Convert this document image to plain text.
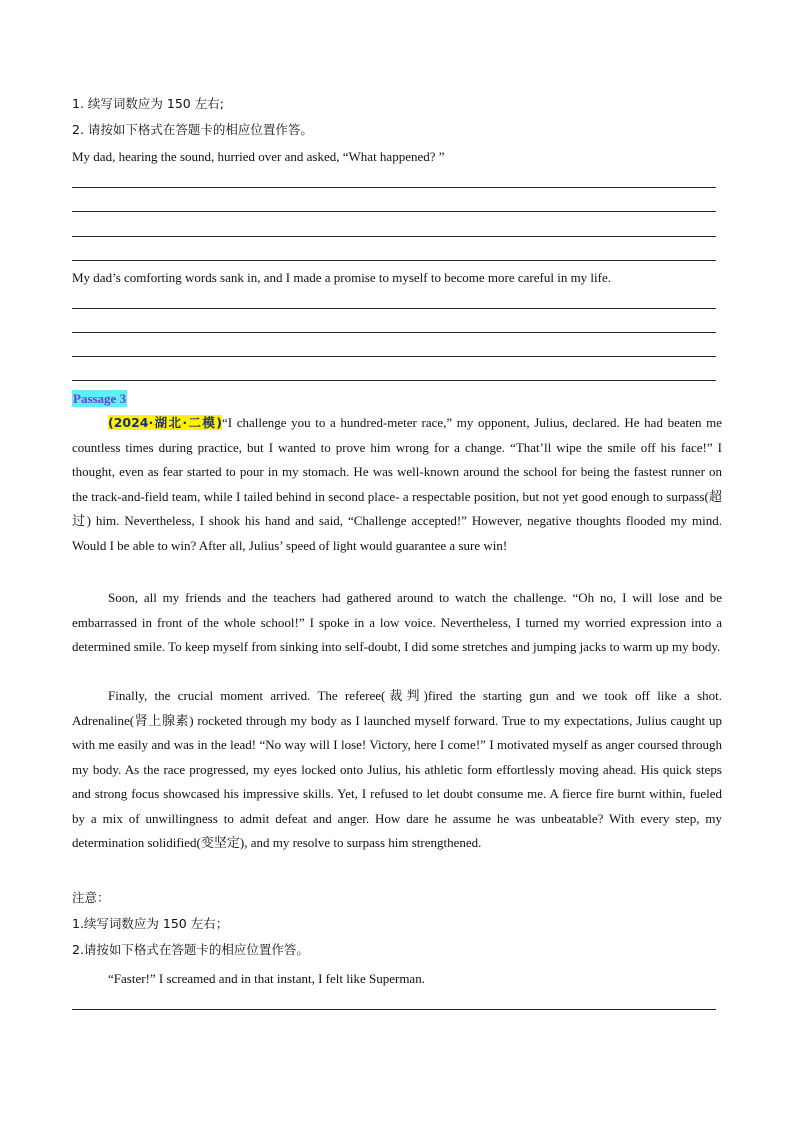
1. 续写词数应为 150 左右;
2. 请按如下格式在答题卡的相应位置作答。
My dad, hearing the sound, hurried over and asked, “What happened? ”
My dad’s comforting words sank in, and I made a promise to myself to become more careful in my life.
Passage 3
(2024·湖北·二模)“I challenge you to a hundred-meter race,” my opponent, Julius, declared. He had beaten me countless times during practice, but I wanted to prove him wrong for a change. “That’ll wipe the smile off his face!” I thought, even as fear started to pour in my stomach. He was well-known around the school for being the fastest runner on the track-and-field team, while I tailed behind in second place- a respectable position, but not yet good enough to surpass(超过) him. Nevertheless, I shook his hand and said, “Challenge accepted!” However, negative thoughts flooded my mind. Would I be able to win? After all, Julius’ speed of light would guarantee a sure win!
Soon, all my friends and the teachers had gathered around to watch the challenge. “Oh no, I will lose and be embarrassed in front of the whole school!” I spoke in a low voice. Nevertheless, I turned my worried expression into a determined smile. To keep myself from sinking into self-doubt, I did some stretches and jumping jacks to warm up my body.
Finally, the crucial moment arrived. The referee(裁判)fired the starting gun and we took off like a shot. Adrenaline(肾上腺素) rocketed through my body as I launched myself forward. True to my expectations, Julius caught up with me easily and was in the lead! “No way will I lose! Victory, here I come!” I motivated myself as anger coursed through my body. As the race progressed, my eyes locked onto Julius, his athletic form effortlessly moving ahead. His quick steps and strong focus showcased his impressive skills. Yet, I refused to let doubt consume me. A fierce fire burnt within, fueled by a mix of unwillingness to admit defeat and anger. How dare he assume he was unbeatable? With every step, my determination solidified(变坚定), and my resolve to surpass him strengthened.
注意：
1.续写词数应为 150 左右；
2.请按如下格式在答题卡的相应位置作答。
“Faster!” I screamed and in that instant, I felt like Superman.
